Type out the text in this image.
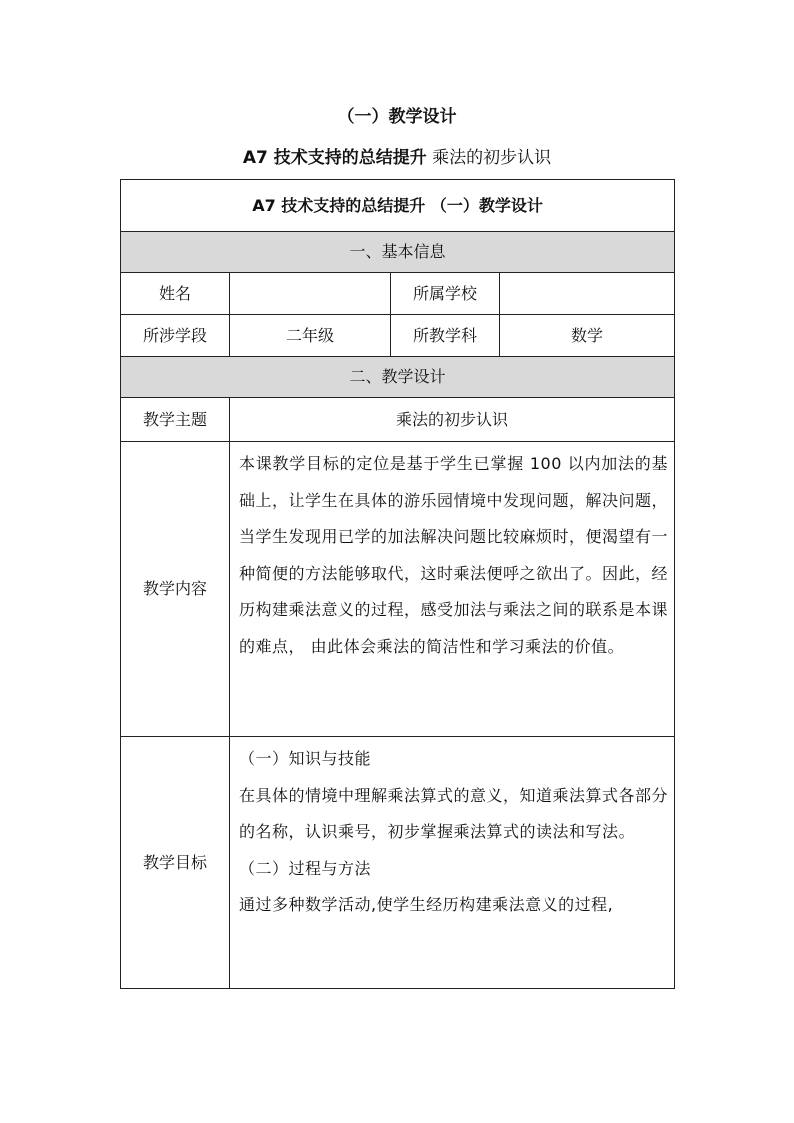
（一）教学设计
A7 技术支持的总结提升 乘法的初步认识
A7 技术支持的总结提升 （一）教学设计			
一、基本信息			
姓名		所属学校	
所涉学段	二年级	所教学科	数学
二、教学设计			
教学主题	乘法的初步认识		
教学内容	本课教学目标的定位是基于学生已掌握 100 以内加法的基础上，让学生在具体的游乐园情境中发现问题，解决问题，当学生发现用已学的加法解决问题比较麻烦时，便渴望有一种简便的方法能够取代，这时乘法便呼之欲出了。因此，经历构建乘法意义的过程，感受加法与乘法之间的联系是本课的难点， 由此体会乘法的简洁性和学习乘法的价值。		

教学目标	（一）知识与技能
在具体的情境中理解乘法算式的意义，知道乘法算式各部分的名称，认识乘号，初步掌握乘法算式的读法和写法。
（二）过程与方法
通过多种数学活动,使学生经历构建乘法意义的过程,		
